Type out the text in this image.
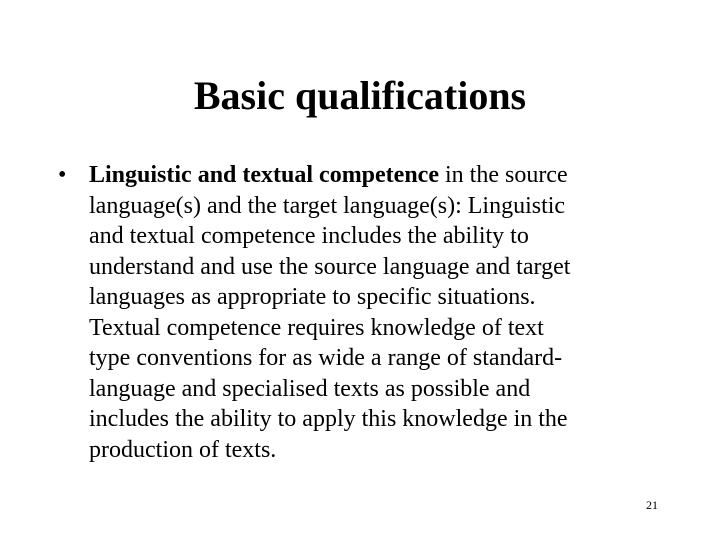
Basic qualifications
•
Linguistic and textual competence in the source
language(s) and the target language(s): Linguistic
and textual competence includes the ability to
understand and use the source language and target
languages as appropriate to specific situations.
Textual competence requires knowledge of text
type conventions for as wide a range of standard-
language and specialised texts as possible and
includes the ability to apply this knowledge in the
production of texts.
21
